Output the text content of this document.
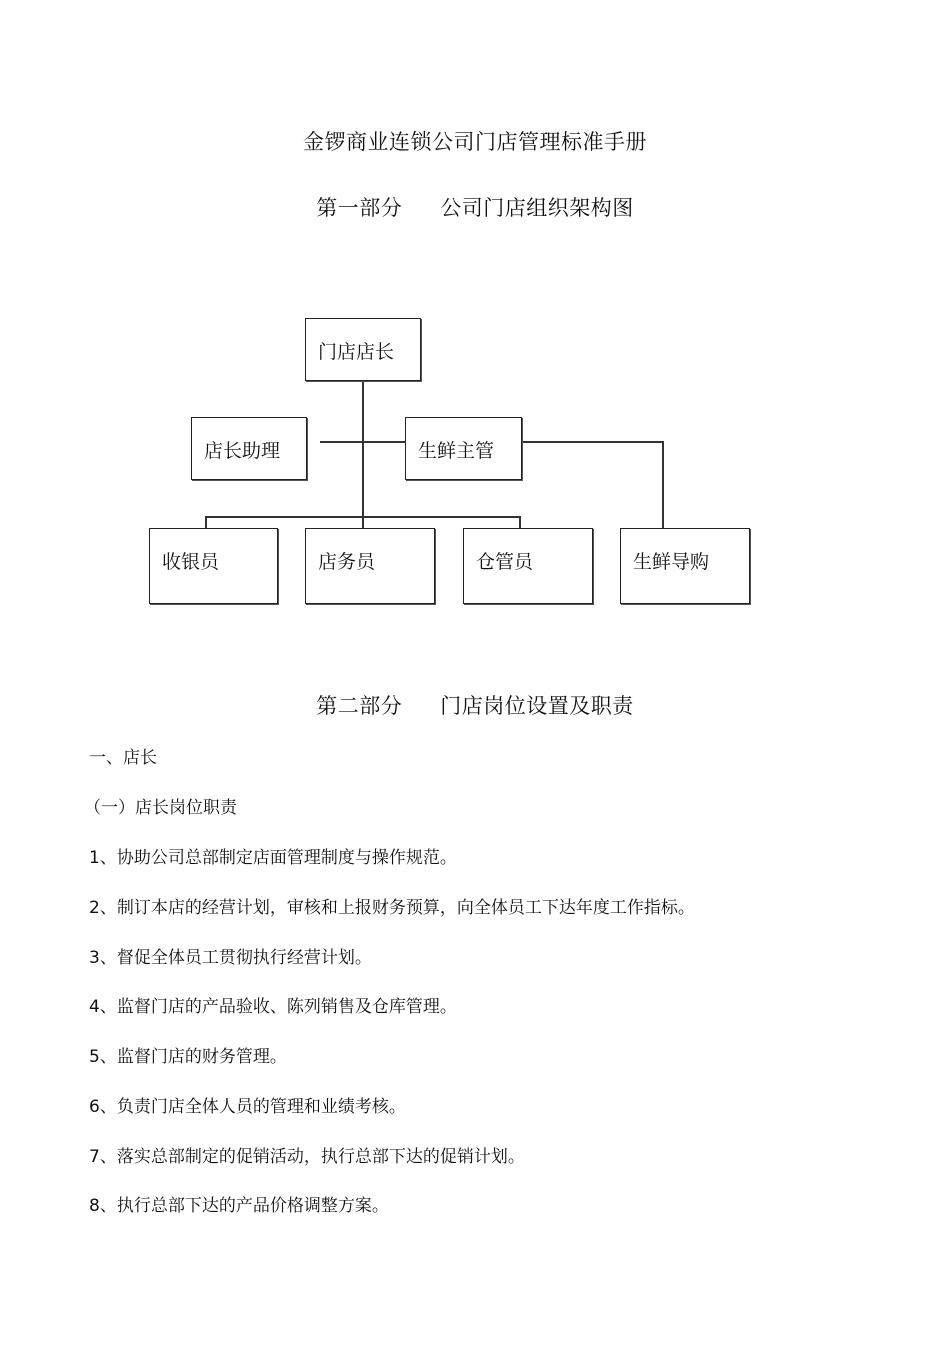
金锣商业连锁公司门店管理标准手册
第一部分 公司门店组织架构图
门店店长
店长助理	生鲜主管
收银员	店务员	仓管员	生鲜导购
第二部分 门店岗位设置及职责
一、店长
（一）店长岗位职责
1、协助公司总部制定店面管理制度与操作规范。
2、制订本店的经营计划，审核和上报财务预算，向全体员工下达年度工作指标。
3、督促全体员工贯彻执行经营计划。
4、监督门店的产品验收、陈列销售及仓库管理。
5、监督门店的财务管理。
6、负责门店全体人员的管理和业绩考核。
7、落实总部制定的促销活动，执行总部下达的促销计划。
8、执行总部下达的产品价格调整方案。
